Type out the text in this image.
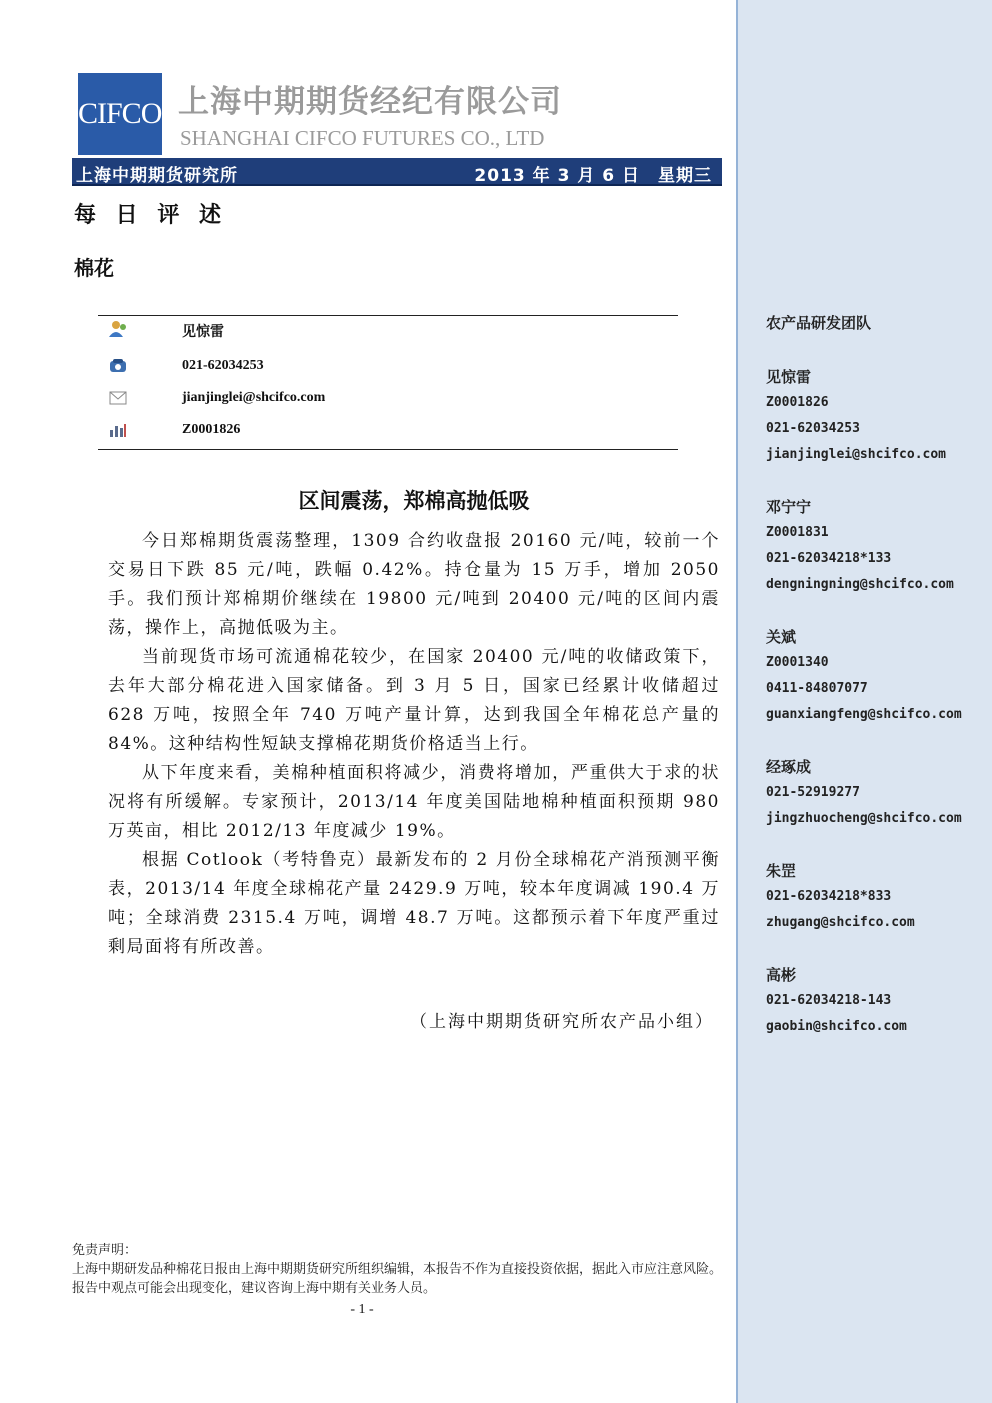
农产品研发团队
见惊雷
Z0001826
021-62034253
jianjinglei@shcifco.com
邓宁宁
Z0001831
021-62034218*133
dengningning@shcifco.com
关斌
Z0001340
0411-84807077
guanxiangfeng@shcifco.com
经琢成
021-52919277
jingzhuocheng@shcifco.com
朱罡
021-62034218*833
zhugang@shcifco.com
高彬
021-62034218-143
gaobin@shcifco.com
CIFCO 上海中期期货经纪有限公司
SHANGHAI CIFCO FUTURES CO., LTD
上海中期期货研究所	2013 年 3 月 6 日 星期三
每 日 评 述
棉花
见惊雷
021-62034253
jianjinglei@shcifco.com
Z0001826
区间震荡，郑棉高抛低吸

今日郑棉期货震荡整理，1309 合约收盘报 20160 元/吨，较前一个交易日下跌 85 元/吨，跌幅 0.42%。持仓量为 15 万手，增加 2050 手。我们预计郑棉期价继续在 19800 元/吨到 20400 元/吨的区间内震荡，操作上，高抛低吸为主。

当前现货市场可流通棉花较少，在国家 20400 元/吨的收储政策下，去年大部分棉花进入国家储备。到 3 月 5 日，国家已经累计收储超过 628 万吨，按照全年 740 万吨产量计算，达到我国全年棉花总产量的 84%。这种结构性短缺支撑棉花期货价格适当上行。

从下年度来看，美棉种植面积将减少，消费将增加，严重供大于求的状况将有所缓解。专家预计，2013/14 年度美国陆地棉种植面积预期 980 万英亩，相比 2012/13 年度减少 19%。

根据 Cotlook（考特鲁克）最新发布的 2 月份全球棉花产消预测平衡表，2013/14 年度全球棉花产量 2429.9 万吨，较本年度调减 190.4 万吨；全球消费 2315.4 万吨，调增 48.7 万吨。这都预示着下年度严重过剩局面将有所改善。

（上海中期期货研究所农产品小组）
免责声明：
上海中期研发品种棉花日报由上海中期期货研究所组织编辑，本报告不作为直接投资依据，据此入市应注意风险。报告中观点可能会出现变化，建议咨询上海中期有关业务人员。
- 1 -
